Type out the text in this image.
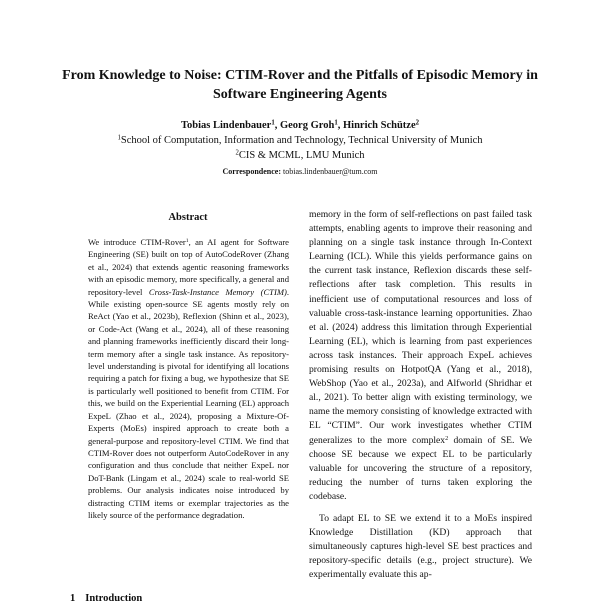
From Knowledge to Noise: CTIM-Rover and the Pitfalls of Episodic Memory in Software Engineering Agents
Tobias Lindenbauer$^1$, Georg Groh$^1$, Hinrich Schütze$^2$
$^1$School of Computation, Information and Technology, Technical University of Munich
$^2$CIS & MCML, LMU Munich
Correspondence: tobias.lindenbauer@tum.com
Abstract

We introduce CTIM-Rover$^1$, an AI agent for Software Engineering (SE) built on top of AutoCodeRover (Zhang et al., 2024) that extends agentic reasoning frameworks with an episodic memory, more specifically, a general and repository-level Cross-Task-Instance Memory (CTIM). While existing open-source SE agents mostly rely on ReAct (Yao et al., 2023b), Reflexion (Shinn et al., 2023), or Code-Act (Wang et al., 2024), all of these reasoning and planning frameworks inefficiently discard their long-term memory after a single task instance. As repository-level understanding is pivotal for identifying all locations requiring a patch for fixing a bug, we hypothesize that SE is particularly well positioned to benefit from CTIM. For this, we build on the Experiential Learning (EL) approach ExpeL (Zhao et al., 2024), proposing a Mixture-Of-Experts (MoEs) inspired approach to create both a general-purpose and repository-level CTIM. We find that CTIM-Rover does not outperform AutoCodeRover in any configuration and thus conclude that neither ExpeL nor DoT-Bank (Lingam et al., 2024) scale to real-world SE problems. Our analysis indicates noise introduced by distracting CTIM items or exemplar trajectories as the likely source of the performance degradation.

memory in the form of self-reflections on past failed task attempts, enabling agents to improve their reasoning and planning on a single task instance through In-Context Learning (ICL). While this yields performance gains on the current task instance, Reflexion discards these self-reflections after task completion. This results in inefficient use of computational resources and loss of valuable cross-task-instance learning opportunities. Zhao et al. (2024) address this limitation through Experiential Learning (EL), which is learning from past experiences across task instances. Their approach ExpeL achieves promising results on HotpotQA (Yang et al., 2018), WebShop (Yao et al., 2023a), and Alfworld (Shridhar et al., 2021). To better align with existing terminology, we name the memory consisting of knowledge extracted with EL “CTIM”. Our work investigates whether CTIM generalizes to the more complex$^2$ domain of SE. We choose SE because we expect EL to be particularly valuable for uncovering the structure of a repository, reducing the number of turns taken exploring the codebase.

To adapt EL to SE we extend it to a MoEs inspired Knowledge Distillation (KD) approach that simultaneously captures high-level SE best practices and repository-specific details (e.g., project structure). We experimentally evaluate this ap-

1 Introduction
